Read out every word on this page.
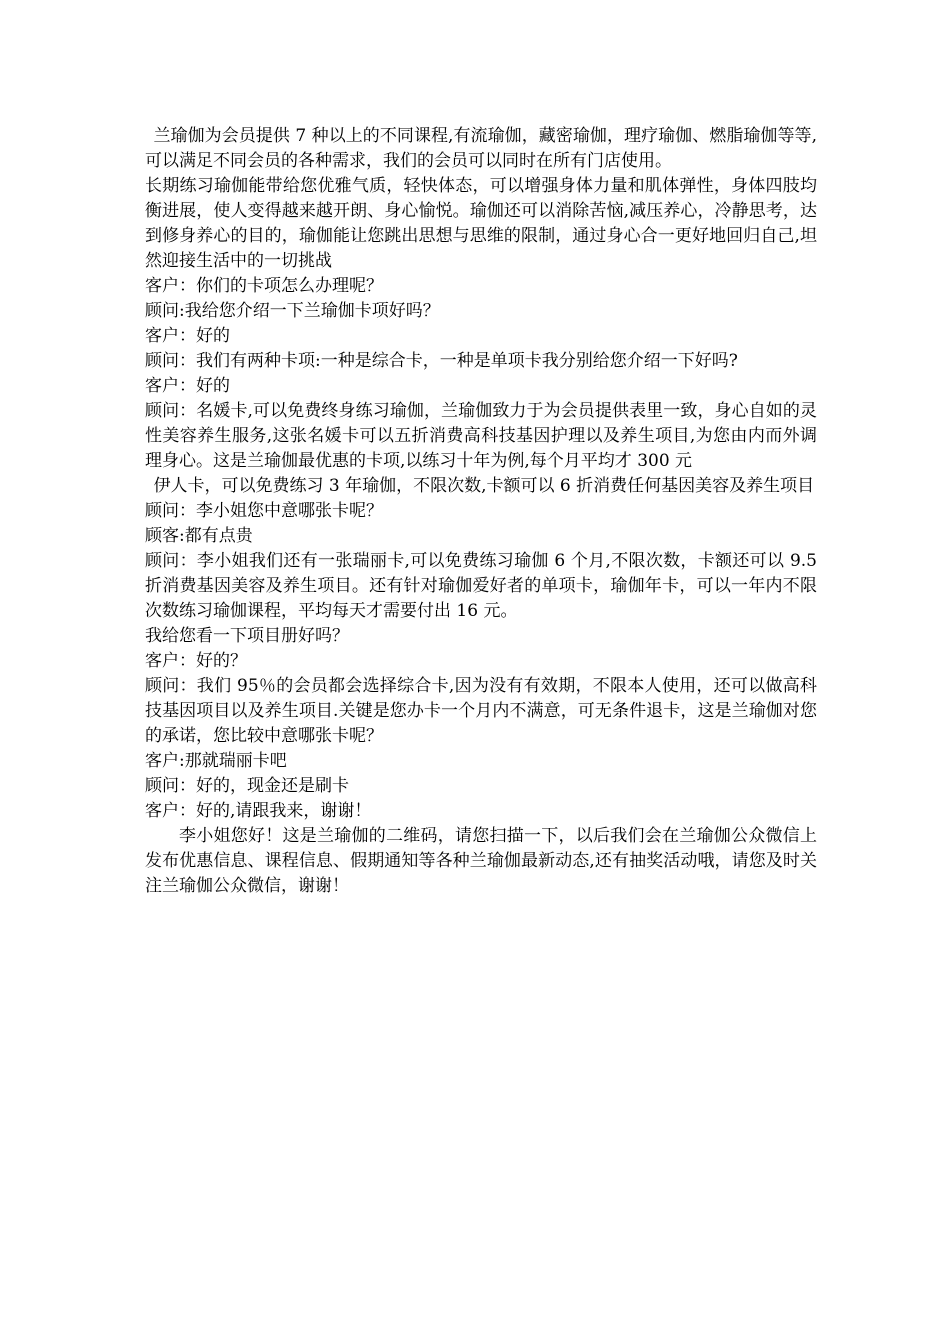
兰瑜伽为会员提供 7 种以上的不同课程,有流瑜伽，藏密瑜伽，理疗瑜伽、燃脂瑜伽等等,可以满足不同会员的各种需求，我们的会员可以同时在所有门店使用。

长期练习瑜伽能带给您优雅气质，轻快体态，可以增强身体力量和肌体弹性，身体四肢均衡进展，使人变得越来越开朗、身心愉悦。瑜伽还可以消除苦恼,减压养心，冷静思考，达到修身养心的目的，瑜伽能让您跳出思想与思维的限制，通过身心合一更好地回归自己,坦然迎接生活中的一切挑战

客户：你们的卡项怎么办理呢？

顾问:我给您介绍一下兰瑜伽卡项好吗？

客户：好的

顾问：我们有两种卡项:一种是综合卡，一种是单项卡我分别给您介绍一下好吗?

客户：好的

顾问：名媛卡,可以免费终身练习瑜伽，兰瑜伽致力于为会员提供表里一致，身心自如的灵性美容养生服务,这张名媛卡可以五折消费高科技基因护理以及养生项目,为您由内而外调理身心。这是兰瑜伽最优惠的卡项,以练习十年为例,每个月平均才 300 元

伊人卡，可以免费练习 3 年瑜伽，不限次数,卡额可以 6 折消费任何基因美容及养生项目

顾问：李小姐您中意哪张卡呢？

顾客:都有点贵

顾问：李小姐我们还有一张瑞丽卡,可以免费练习瑜伽 6 个月,不限次数，卡额还可以 9.5 折消费基因美容及养生项目。还有针对瑜伽爱好者的单项卡，瑜伽年卡，可以一年内不限次数练习瑜伽课程，平均每天才需要付出 16 元。

我给您看一下项目册好吗？

客户：好的？

顾问：我们 95％的会员都会选择综合卡,因为没有有效期，不限本人使用，还可以做高科技基因项目以及养生项目.关键是您办卡一个月内不满意，可无条件退卡，这是兰瑜伽对您的承诺，您比较中意哪张卡呢？

客户:那就瑞丽卡吧

顾问：好的，现金还是刷卡

客户：好的,请跟我来，谢谢！

李小姐您好！这是兰瑜伽的二维码，请您扫描一下，以后我们会在兰瑜伽公众微信上发布优惠信息、课程信息、假期通知等各种兰瑜伽最新动态,还有抽奖活动哦，请您及时关注兰瑜伽公众微信，谢谢！
